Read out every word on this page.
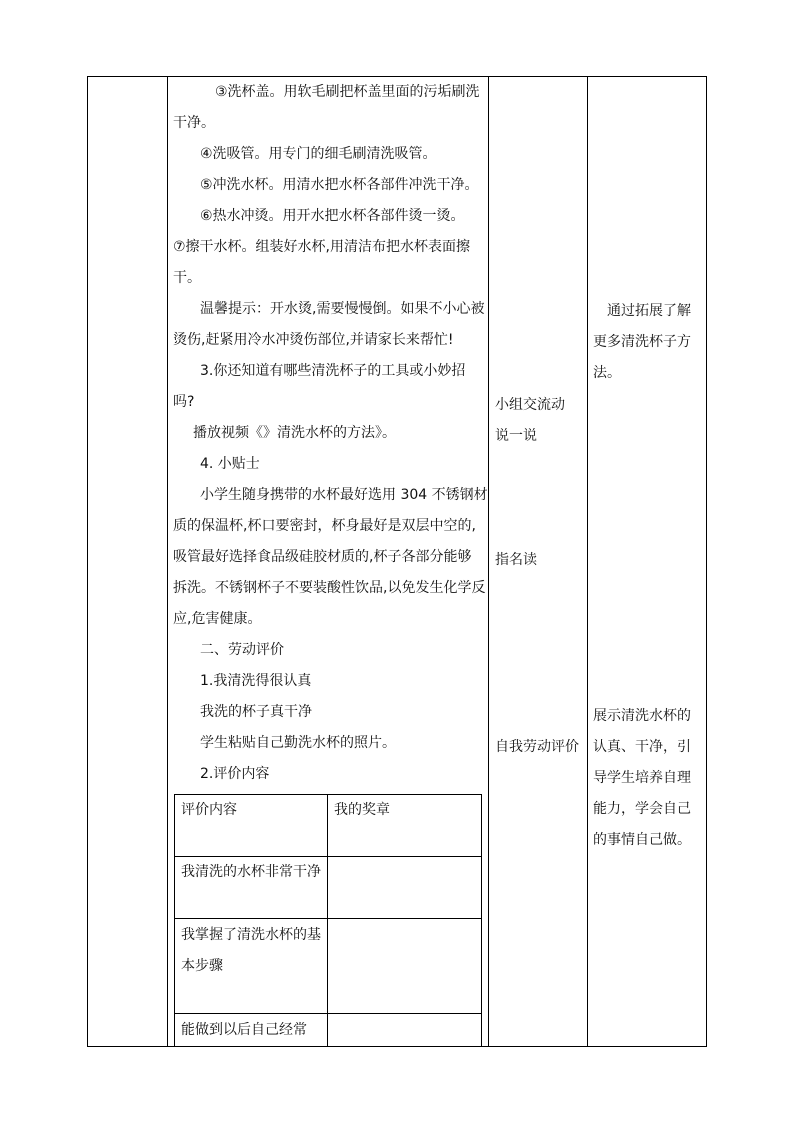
③洗杯盖。用软毛刷把杯盖里面的污垢刷洗
干净。
④洗吸管。用专门的细毛刷清洗吸管。
⑤冲洗水杯。用清水把水杯各部件冲洗干净。
⑥热水冲烫。用开水把水杯各部件烫一烫。
⑦擦干水杯。组装好水杯,用清洁布把水杯表面擦
干。
温馨提示：开水烫,需要慢慢倒。如果不小心被
烫伤,赶紧用冷水冲烫伤部位,并请家长来帮忙!
3.你还知道有哪些清洗杯子的工具或小妙招
吗?
播放视频《》清洗水杯的方法》。
4. 小贴士
小学生随身携带的水杯最好选用 304 不锈钢材
质的保温杯,杯口要密封，杯身最好是双层中空的,
吸管最好选择食品级硅胶材质的,杯子各部分能够
拆洗。不锈钢杯子不要装酸性饮品,以免发生化学反
应,危害健康。
二、劳动评价
1.我清洗得很认真
我洗的杯子真干净
学生粘贴自己勤洗水杯的照片。
2.评价内容
评价内容	我的奖章
我清洗的水杯非常干净
我掌握了清洗水杯的基本步骤
能做到以后自己经常
小组交流动
说一说
指名读
自我劳动评价
通过拓展了解
更多清洗杯子方
法。
展示清洗水杯的
认真、干净，引
导学生培养自理
能力，学会自己
的事情自己做。
